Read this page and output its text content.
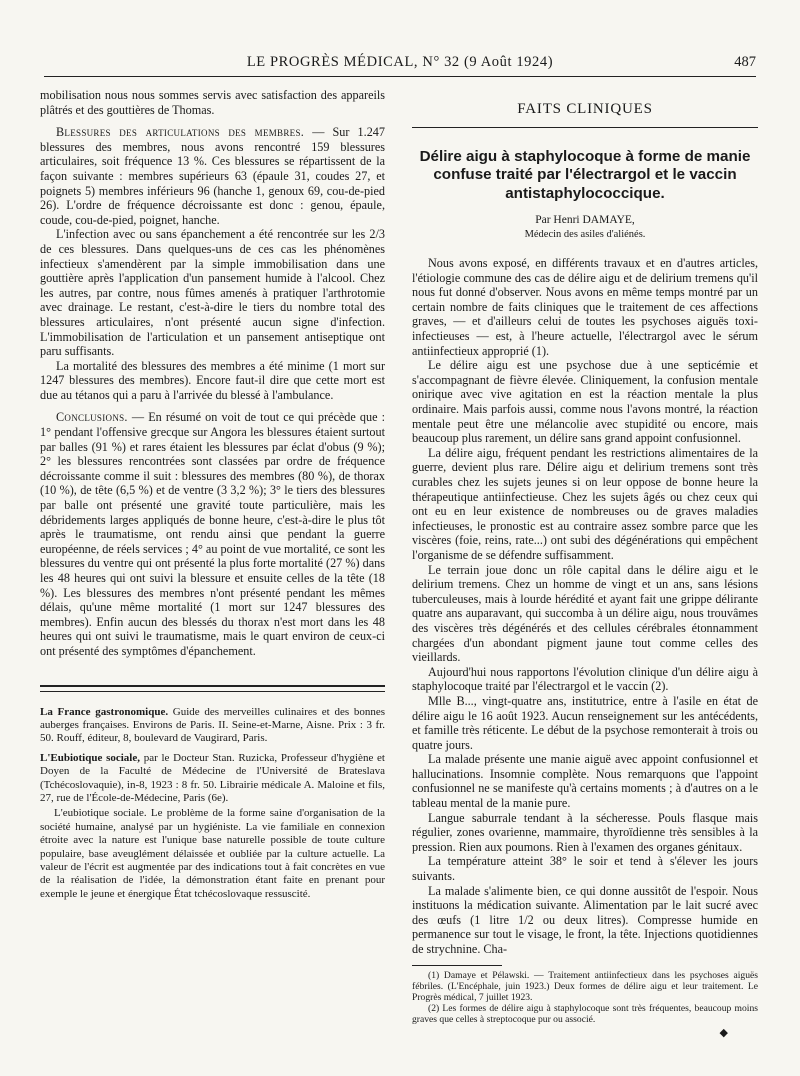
LE PROGRÈS MÉDICAL, N° 32 (9 Août 1924)	487

mobilisation nous nous sommes servis avec satisfaction des appareils plâtrés et des gouttières de Thomas.

Blessures des articulations des membres. — Sur 1.247 blessures des membres, nous avons rencontré 159 blessures articulaires, soit fréquence 13 %. Ces blessures se répartissent de la façon suivante : membres supérieurs 63 (épaule 31, coudes 27, et poignets 5) membres inférieurs 96 (hanche 1, genoux 69, cou-de-pied 26). L'ordre de fréquence décroissante est donc : genou, épaule, coude, cou-de-pied, poignet, hanche.

L'infection avec ou sans épanchement a été rencontrée sur les 2/3 de ces blessures. Dans quelques-uns de ces cas les phénomènes infectieux s'amendèrent par la simple immobilisation dans une gouttière après l'application d'un pansement humide à l'alcool. Chez les autres, par contre, nous fûmes amenés à pratiquer l'arthrotomie avec drainage. Le restant, c'est-à-dire le tiers du nombre total des blessures articulaires, n'ont présenté aucun signe d'infection. L'immobilisation de l'articulation et un pansement antiseptique ont paru suffisants.

La mortalité des blessures des membres a été minime (1 mort sur 1247 blessures des membres). Encore faut-il dire que cette mort est due au tétanos qui a paru à l'arrivée du blessé à l'ambulance.

Conclusions. — En résumé on voit de tout ce qui précède que : 1° pendant l'offensive grecque sur Angora les blessures étaient surtout par balles (91 %) et rares étaient les blessures par éclat d'obus (9 %); 2° les blessures rencontrées sont classées par ordre de fréquence décroissante comme il suit : blessures des membres (80 %), de thorax (10 %), de tête (6,5 %) et de ventre (3 3,2 %); 3° le tiers des blessures par balle ont présenté une gravité toute particulière, mais les débridements larges appliqués de bonne heure, c'est-à-dire le plus tôt après le traumatisme, ont rendu ainsi que pendant la guerre européenne, de réels services ; 4° au point de vue mortalité, ce sont les blessures du ventre qui ont présenté la plus forte mortalité (27 %) dans les 48 heures qui ont suivi la blessure et ensuite celles de la tête (18 %). Les blessures des membres n'ont présenté pendant les mêmes délais, qu'une même mortalité (1 mort sur 1247 blessures des membres). Enfin aucun des blessés du thorax n'est mort dans les 48 heures qui ont suivi le traumatisme, mais le quart environ de ceux-ci ont présenté des symptômes d'épanchement.

La France gastronomique. Guide des merveilles culinaires et des bonnes auberges françaises. Environs de Paris. II. Seine-et-Marne, Aisne. Prix : 3 fr. 50. Rouff, éditeur, 8, boulevard de Vaugirard, Paris.

L'Eubiotique sociale, par le Docteur Stan. Ruzicka, Professeur d'hygiène et Doyen de la Faculté de Médecine de l'Université de Brateslava (Tchécoslovaquie), in-8, 1923 : 8 fr. 50. Librairie médicale A. Maloine et fils, 27, rue de l'École-de-Médecine, Paris (6e).

L'eubiotique sociale. Le problème de la forme saine d'organisation de la société humaine, analysé par un hygiéniste. La vie familiale en connexion étroite avec la nature est l'unique base naturelle possible de toute culture populaire, base aveuglément délaissée et oubliée par la culture actuelle. La valeur de l'écrit est augmentée par des indications tout à fait concrètes en vue de la réalisation de l'idée, la démonstration étant faite en prenant pour exemple le jeune et énergique État tchécoslovaque ressuscité.

FAITS CLINIQUES
Délire aigu à staphylocoque à forme de manie confuse traité par l'électrargol et le vaccin antistaphylococcique.
Par Henri DAMAYE,
Médecin des asiles d'aliénés.

Nous avons exposé, en différents travaux et en d'autres articles, l'étiologie commune des cas de délire aigu et de delirium tremens qu'il nous fut donné d'observer. Nous avons en même temps montré par un certain nombre de faits cliniques que le traitement de ces affections graves, — et d'ailleurs celui de toutes les psychoses aiguës toxi-infectieuses — est, à l'heure actuelle, l'électrargol avec le sérum antiinfectieux approprié (1).

Le délire aigu est une psychose due à une septicémie et s'accompagnant de fièvre élevée. Cliniquement, la confusion mentale onirique avec vive agitation en est la réaction mentale la plus ordinaire. Mais parfois aussi, comme nous l'avons montré, la réaction mentale peut être une mélancolie avec stupidité ou encore, mais beaucoup plus rarement, un délire sans grand appoint confusionnel.

La délire aigu, fréquent pendant les restrictions alimentaires de la guerre, devient plus rare. Délire aigu et delirium tremens sont très curables chez les sujets jeunes si on leur oppose de bonne heure la thérapeutique antiinfectieuse. Chez les sujets âgés ou chez ceux qui ont eu en leur existence de nombreuses ou de graves maladies infectieuses, le pronostic est au contraire assez sombre parce que les viscères (foie, reins, rate...) ont subi des dégénérations qui empêchent l'organisme de se défendre suffisamment.

Le terrain joue donc un rôle capital dans le délire aigu et le delirium tremens. Chez un homme de vingt et un ans, sans lésions tuberculeuses, mais à lourde hérédité et ayant fait une grippe délirante quatre ans auparavant, qui succomba à un délire aigu, nous trouvâmes des viscères très dégénérés et des cellules cérébrales étonnamment chargées d'un abondant pigment jaune tout comme celles des vieillards.

Aujourd'hui nous rapportons l'évolution clinique d'un délire aigu à staphylocoque traité par l'électrargol et le vaccin (2).

Mlle B..., vingt-quatre ans, institutrice, entre à l'asile en état de délire aigu le 16 août 1923. Aucun renseignement sur les antécédents, et famille très réticente. Le début de la psychose remonterait à trois ou quatre jours.

La malade présente une manie aiguë avec appoint confusionnel et hallucinations. Insomnie complète. Nous remarquons que l'appoint confusionnel ne se manifeste qu'à certains moments ; à d'autres on a le tableau mental de la manie pure.

Langue saburrale tendant à la sécheresse. Pouls flasque mais régulier, zones ovarienne, mammaire, thyroïdienne très sensibles à la pression. Rien aux poumons. Rien à l'examen des organes génitaux.

La température atteint 38° le soir et tend à s'élever les jours suivants.

La malade s'alimente bien, ce qui donne aussitôt de l'espoir. Nous instituons la médication suivante. Alimentation par le lait sucré avec des œufs (1 litre 1/2 ou deux litres). Compresse humide en permanence sur tout le visage, le front, la tête. Injections quotidiennes de strychnine. Cha-

(1) Damaye et Pélawski. — Traitement antiinfectieux dans les psychoses aiguës fébriles. (L'Encéphale, juin 1923.) Deux formes de délire aigu et leur traitement. Le Progrès médical, 7 juillet 1923.

(2) Les formes de délire aigu à staphylocoque sont très fréquentes, beaucoup moins graves que celles à streptocoque pur ou associé.

◆
